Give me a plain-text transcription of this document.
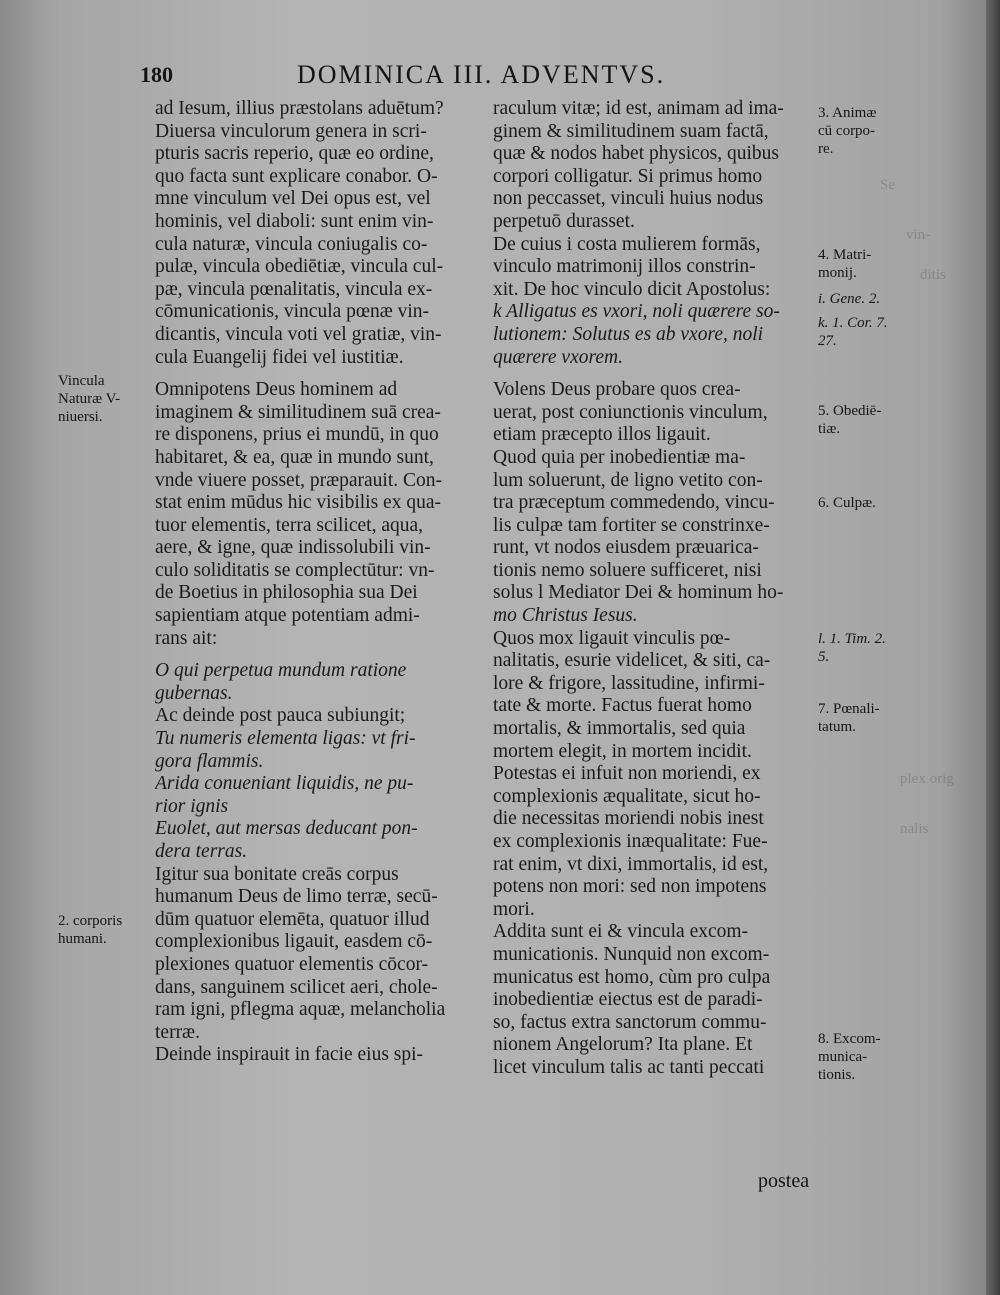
Se
vin-
ditis
plex orig
nalis
180	DOMINICA III. ADVENTVS.
ad Iesum, illius præstolans aduētum?
Diuersa vinculorum genera in scri-
pturis sacris reperio, quæ eo ordine,
quo facta sunt explicare conabor. O-
mne vinculum vel Dei opus est, vel
hominis, vel diaboli: sunt enim vin-
cula naturæ, vincula coniugalis co-
pulæ, vincula obediētiæ, vincula cul-
pæ, vincula pœnalitatis, vincula ex-
cōmunicationis, vincula pœnæ vin-
dicantis, vincula voti vel gratiæ, vin-
cula Euangelij fidei vel iustitiæ.
Omnipotens Deus hominem ad
imaginem & similitudinem suā crea-
re disponens, prius ei mundū, in quo
habitaret, & ea, quæ in mundo sunt,
vnde viuere posset, præparauit. Con-
stat enim mūdus hic visibilis ex qua-
tuor elementis, terra scilicet, aqua,
aere, & igne, quæ indissolubili vin-
culo soliditatis se complectūtur: vn-
de Boetius in philosophia sua Dei
sapientiam atque potentiam admi-
rans ait:
O qui perpetua mundum ratione
gubernas.
Ac deinde post pauca subiungit;
Tu numeris elementa ligas: vt fri-
gora flammis.
Arida conueniant liquidis, ne pu-
rior ignis
Euolet, aut mersas deducant pon-
dera terras.
Igitur sua bonitate creās corpus
humanum Deus de limo terræ, secū-
dūm quatuor elemēta, quatuor illud
complexionibus ligauit, easdem cō-
plexiones quatuor elementis cōcor-
dans, sanguinem scilicet aeri, chole-
ram igni, pflegma aquæ, melancholia
terræ.
Deinde inspirauit in facie eius spi-
raculum vitæ; id est, animam ad ima-
ginem & similitudinem suam factā,
quæ & nodos habet physicos, quibus
corpori colligatur. Si primus homo
non peccasset, vinculi huius nodus
perpetuō durasset.
De cuius i costa mulierem formās,
vinculo matrimonij illos constrin-
xit. De hoc vinculo dicit Apostolus:
k Alligatus es vxori, noli quærere so-
lutionem: Solutus es ab vxore, noli
quærere vxorem.
Volens Deus probare quos crea-
uerat, post coniunctionis vinculum,
etiam præcepto illos ligauit.
Quod quia per inobedientiæ ma-
lum soluerunt, de ligno vetito con-
tra præceptum commedendo, vincu-
lis culpæ tam fortiter se constrinxe-
runt, vt nodos eiusdem præuarica-
tionis nemo soluere sufficeret, nisi
solus l Mediator Dei & hominum ho-
mo Christus Iesus.
Quos mox ligauit vinculis pœ-
nalitatis, esurie videlicet, & siti, ca-
lore & frigore, lassitudine, infirmi-
tate & morte. Factus fuerat homo
mortalis, & immortalis, sed quia
mortem elegit, in mortem incidit.
Potestas ei infuit non moriendi, ex
complexionis æqualitate, sicut ho-
die necessitas moriendi nobis inest
ex complexionis inæqualitate: Fue-
rat enim, vt dixi, immortalis, id est,
potens non mori: sed non impotens
mori.
Addita sunt ei & vincula excom-
municationis. Nunquid non excom-
municatus est homo, cùm pro culpa
inobedientiæ eiectus est de paradi-
so, factus extra sanctorum commu-
nionem Angelorum? Ita plane. Et
licet vinculum talis ac tanti peccati
Vincula
Naturæ V-
niuersi.
2. corporis
humani.
3. Animæ
cū corpo-
re.
4. Matri-
monij.
i. Gene. 2.
k. 1. Cor. 7.
27.
5. Obediē-
tiæ.
6. Culpæ.
l. 1. Tim. 2.
5.
7. Pœnali-
tatum.
8. Excom-
munica-
tionis.
postea
